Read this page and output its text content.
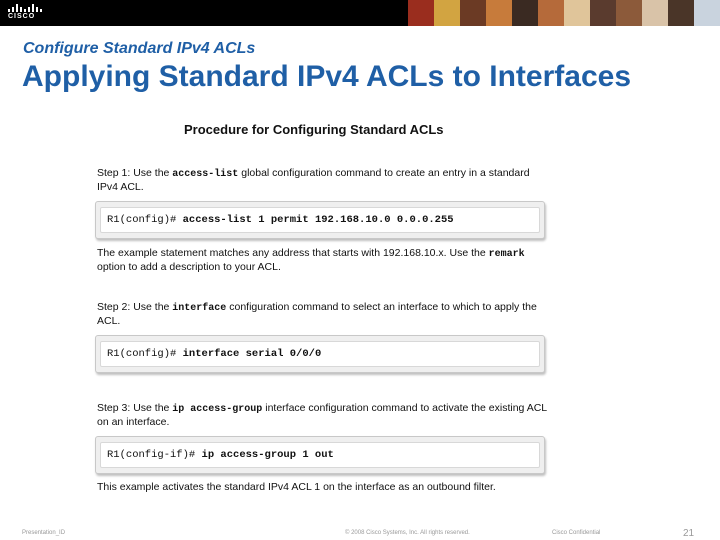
CISCO
Configure Standard IPv4 ACLs
Applying Standard IPv4 ACLs to Interfaces
Procedure for Configuring Standard ACLs
Step 1: Use the access-list global configuration command to create an entry in a standard IPv4 ACL.
R1(config)# access-list 1 permit 192.168.10.0 0.0.0.255
The example statement matches any address that starts with 192.168.10.x. Use the remark option to add a description to your ACL.
Step 2: Use the interface configuration command to select an interface to which to apply the ACL.
R1(config)# interface serial 0/0/0
Step 3: Use the ip access-group interface configuration command to activate the existing ACL on an interface.
R1(config-if)# ip access-group 1 out
This example activates the standard IPv4 ACL 1 on the interface as an outbound filter.
Presentation_ID	© 2008 Cisco Systems, Inc. All rights reserved.	Cisco Confidential	21
